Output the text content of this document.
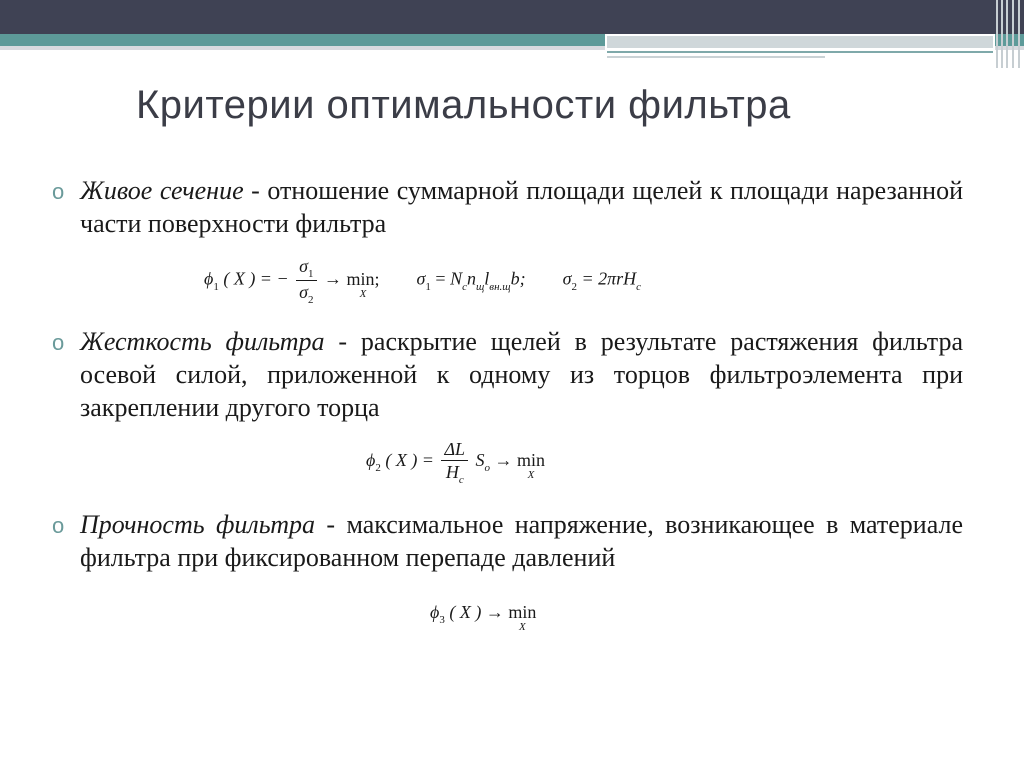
Критерии оптимальности фильтра
o Живое сечение - отношение суммарной площади щелей к площади нарезанной части поверхности фильтра
$\phi_1$ ( X ) = − $\frac{\sigma_1}{\sigma_2} \to \min$;
X
$\sigma_1 = N_cn_щl_{вн.щ}b$; $\sigma_2 = 2\pi rH_c$
o Жесткость фильтра - раскрытие щелей в результате растяжения фильтра осевой силой, приложенной к одному из торцов фильтроэлемента при закреплении другого торца
$\phi_2$ ( X ) = $\frac{\Delta L}{H_c} S_o \to \min$
X
o Прочность фильтра - максимальное напряжение, возникающее в материале фильтра при фиксированном перепаде давлений
$\phi_3$ ( X ) → min
X
